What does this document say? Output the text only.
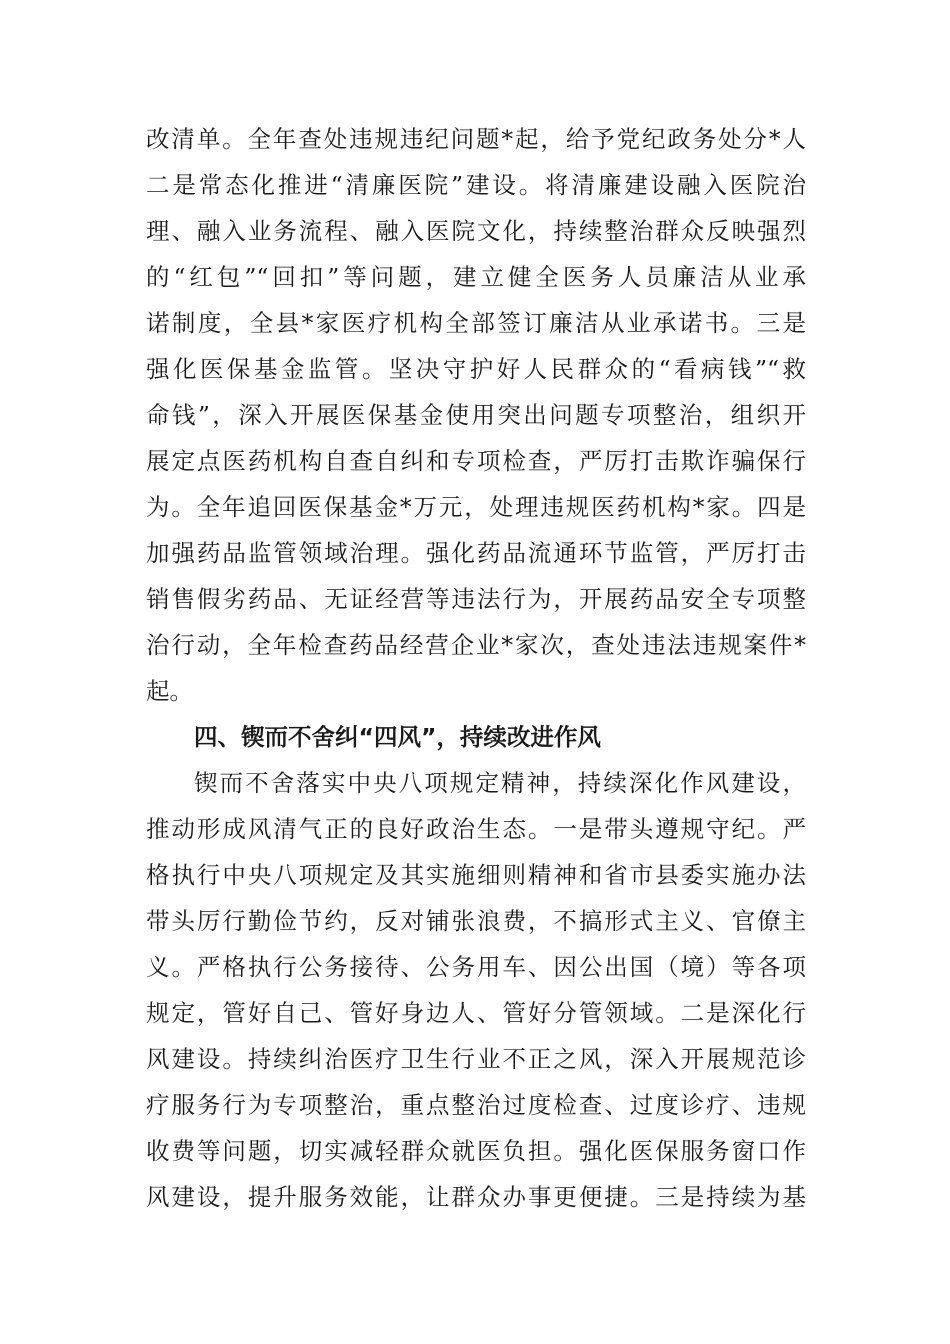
改清单。全年查处违规违纪问题*起，给予党纪政务处分*人
二是常态化推进“清廉医院”建设。将清廉建设融入医院治
理、融入业务流程、融入医院文化，持续整治群众反映强烈
的“红包”“回扣”等问题，建立健全医务人员廉洁从业承
诺制度，全县*家医疗机构全部签订廉洁从业承诺书。三是
强化医保基金监管。坚决守护好人民群众的“看病钱”“救
命钱”，深入开展医保基金使用突出问题专项整治，组织开
展定点医药机构自查自纠和专项检查，严厉打击欺诈骗保行
为。全年追回医保基金*万元，处理违规医药机构*家。四是
加强药品监管领域治理。强化药品流通环节监管，严厉打击
销售假劣药品、无证经营等违法行为，开展药品安全专项整
治行动，全年检查药品经营企业*家次，查处违法违规案件*
起。
四、锲而不舍纠“四风”，持续改进作风
锲而不舍落实中央八项规定精神，持续深化作风建设，
推动形成风清气正的良好政治生态。一是带头遵规守纪。严
格执行中央八项规定及其实施细则精神和省市县委实施办法
带头厉行勤俭节约，反对铺张浪费，不搞形式主义、官僚主
义。严格执行公务接待、公务用车、因公出国（境）等各项
规定，管好自己、管好身边人、管好分管领域。二是深化行
风建设。持续纠治医疗卫生行业不正之风，深入开展规范诊
疗服务行为专项整治，重点整治过度检查、过度诊疗、违规
收费等问题，切实减轻群众就医负担。强化医保服务窗口作
风建设，提升服务效能，让群众办事更便捷。三是持续为基
